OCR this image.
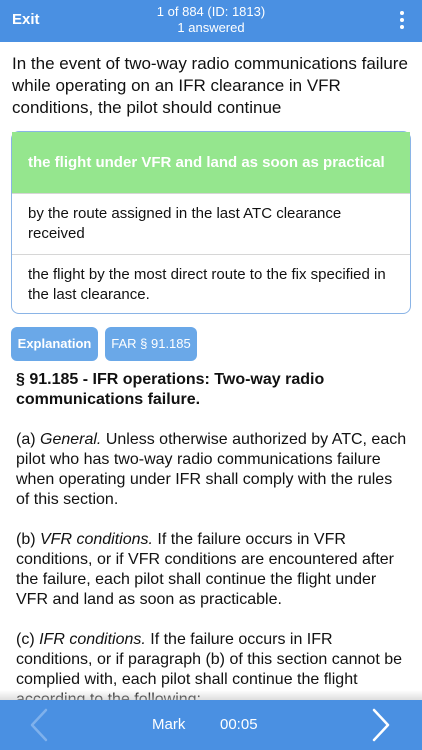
Exit	1 of 884 (ID: 1813)
1 answered
In the event of two-way radio communications failure while operating on an IFR clearance in VFR conditions, the pilot should continue
the flight under VFR and land as soon as practical
by the route assigned in the last ATC clearance received
the flight by the most direct route to the fix specified in the last clearance.
Explanation	FAR § 91.185

§ 91.185 - IFR operations: Two-way radio communications failure.

(a) General. Unless otherwise authorized by ATC, each pilot who has two-way radio communications failure when operating under IFR shall comply with the rules of this section.

(b) VFR conditions. If the failure occurs in VFR conditions, or if VFR conditions are encountered after the failure, each pilot shall continue the flight under VFR and land as soon as practicable.

(c) IFR conditions. If the failure occurs in IFR conditions, or if paragraph (b) of this section cannot be complied with, each pilot shall continue the flight

Mark 00:05
